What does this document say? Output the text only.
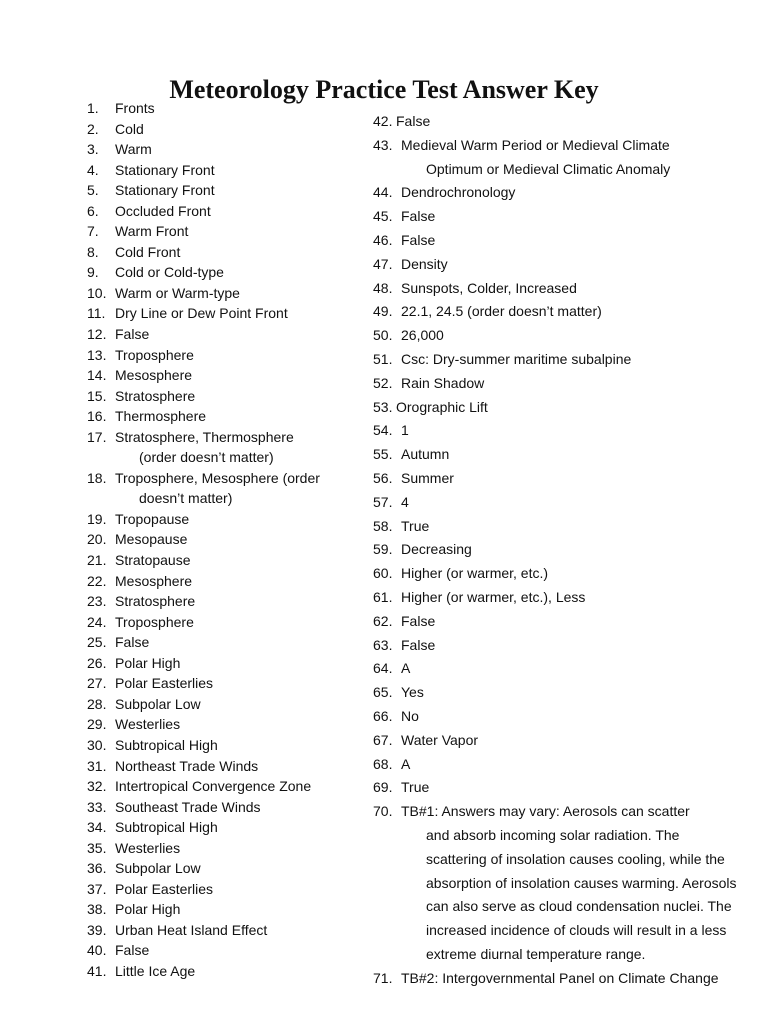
Meteorology Practice Test Answer Key
1. Fronts
2. Cold
3. Warm
4. Stationary Front
5. Stationary Front
6. Occluded Front
7. Warm Front
8. Cold Front
9. Cold or Cold-type
10. Warm or Warm-type
11. Dry Line or Dew Point Front
12. False
13. Troposphere
14. Mesosphere
15. Stratosphere
16. Thermosphere
17. Stratosphere, Thermosphere
(order doesn’t matter)
18. Troposphere, Mesosphere (order
doesn’t matter)
19. Tropopause
20. Mesopause
21. Stratopause
22. Mesosphere
23. Stratosphere
24. Troposphere
25. False
26. Polar High
27. Polar Easterlies
28. Subpolar Low
29. Westerlies
30. Subtropical High
31. Northeast Trade Winds
32. Intertropical Convergence Zone
33. Southeast Trade Winds
34. Subtropical High
35. Westerlies
36. Subpolar Low
37. Polar Easterlies
38. Polar High
39. Urban Heat Island Effect
40. False
41. Little Ice Age
42. False
43. Medieval Warm Period or Medieval Climate
Optimum or Medieval Climatic Anomaly
44. Dendrochronology
45. False
46. False
47. Density
48. Sunspots, Colder, Increased
49. 22.1, 24.5 (order doesn’t matter)
50. 26,000
51. Csc: Dry-summer maritime subalpine
52. Rain Shadow
53. Orographic Lift
54. 1
55. Autumn
56. Summer
57. 4
58. True
59. Decreasing
60. Higher (or warmer, etc.)
61. Higher (or warmer, etc.), Less
62. False
63. False
64. A
65. Yes
66. No
67. Water Vapor
68. A
69. True
70. TB#1: Answers may vary: Aerosols can scatter
and absorb incoming solar radiation. The
scattering of insolation causes cooling, while the
absorption of insolation causes warming. Aerosols
can also serve as cloud condensation nuclei. The
increased incidence of clouds will result in a less
extreme diurnal temperature range.
71. TB#2: Intergovernmental Panel on Climate Change
